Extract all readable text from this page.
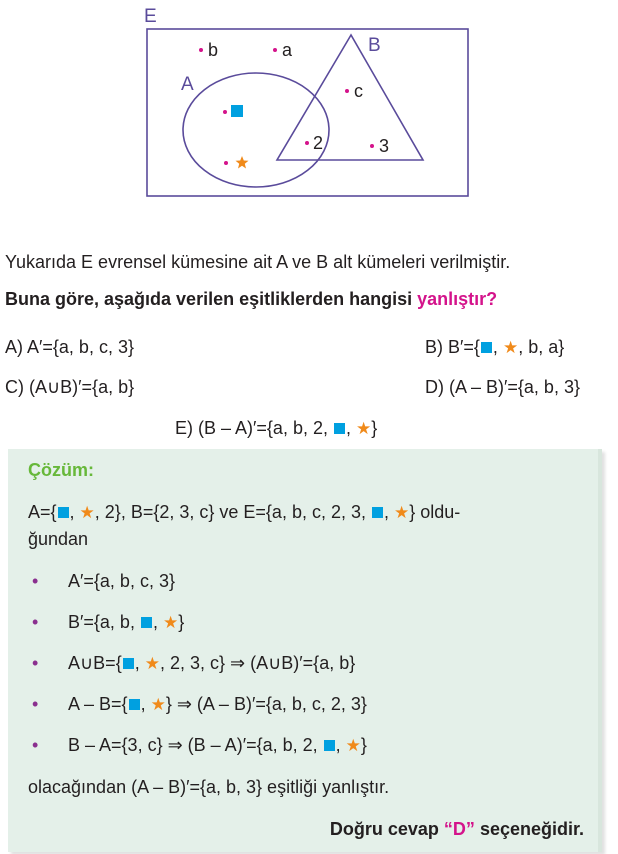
E
A
B
b	a
c
2	3
Yukarıda E evrensel kümesine ait A ve B alt kümeleri verilmiştir.
Buna göre, aşağıda verilen eşitliklerden hangisi yanlıştır?
A) A′={a, b, c, 3}	B) B′={ , ★, b, a}
C) (A∪B)′={a, b}	D) (A – B)′={a, b, 3}
E) (B – A)′={a, b, 2, , ★}
Çözüm:
A={ , ★, 2}, B={2, 3, c} ve E={a, b, c, 2, 3, , ★} oldu-
ğundan
• A′={a, b, c, 3}
• B′={a, b, , ★}
• A∪B={ , ★, 2, 3, c} ⇒ (A∪B)′={a, b}
• A – B={ , ★} ⇒ (A – B)′={a, b, c, 2, 3}
• B – A={3, c} ⇒ (B – A)′={a, b, 2, , ★}
olacağından (A – B)′={a, b, 3} eşitliği yanlıştır.
Doğru cevap “D” seçeneğidir.
